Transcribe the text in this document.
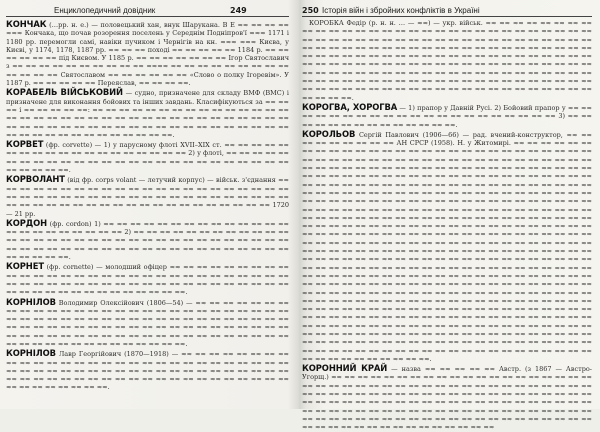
Енциклопедичний довідник	249

КОНЧАК (…рр. н. е.) — половецький хан, внук Шарукана. В Е ≈≈ ≈≈ ≈≈ ≈≈ ≈≈≈ Кончака, що почав розорення поселень у Середнім Подніпров'ї ≈≈≈ 1171 і 1180 рр. перемогли самі, навіки пучиком і Чернігів на кн. ≈≈≈ ≈≈≈ Києва, у Києві, у 1174, 1178, 1187 рр. ≈≈ ≈≈ ≈≈ поході ≈≈ ≈≈ ≈≈ ≈≈ ≈≈ 1184 р. ≈≈ ≈≈ ≈≈ ≈≈ ≈≈ ≈≈ під Києвом. У 1185 р. ≈≈ ≈≈ ≈≈ ≈≈ ≈≈ ≈≈ ≈≈ Ігор Святославич з ≈≈ ≈≈ ≈≈ ≈≈ ≈≈ ≈≈ ≈≈ ≈≈ ≈≈ ≈≈ ≈≈≈≈ ≈≈ ≈≈ ≈≈ ≈≈ ≈≈ ≈≈ ≈≈ ≈≈ ≈≈ ≈≈ ≈≈ ≈≈ ≈≈ Святославом ≈≈ ≈≈ ≈≈ ≈≈ ≈≈ ≈≈ «Слово о полку Ігоревім». У 1187 р. ≈≈ ≈≈ ≈≈ ≈≈ ≈≈ Переяслав, ≈≈ ≈≈ ≈≈ ≈≈.

КОРАБЕЛЬ ВІЙСЬКОВИЙ — судно, призначене для складу ВМФ (ВМС) і призначене для виконання бойових та інших завдань. Класифікуються за ≈≈ ≈≈ ≈≈ і ≈≈ ≈≈ ≈≈ ≈≈ ≈≈: ≈≈ ≈≈ ≈≈ ≈≈ ≈≈ ≈≈ ≈≈ ≈≈ ≈≈ ≈≈ ≈≈ ≈≈ ≈≈ ≈≈ ≈≈ ≈≈ ≈≈ ≈≈ ≈≈ ≈≈ ≈≈ ≈≈ ≈≈ ≈≈ ≈≈ ≈≈ ≈≈ ≈≈ ≈≈ ≈≈ ≈≈ ≈≈ ≈≈ ≈≈ ≈≈ ≈≈ ≈≈ ≈≈ ≈≈ ≈≈ ≈≈ ≈≈ ≈≈ ≈≈ ≈≈ ≈≈ ≈≈ ≈≈ ≈≈ ≈≈ ≈≈ ≈≈ ≈≈ ≈≈ ≈≈ ≈≈ ≈≈ ≈≈ ≈≈ ≈≈ ≈≈ ≈≈ ≈≈ ≈≈ ≈≈ ≈≈ ≈≈ ≈≈ ≈≈ ≈≈.

КОРВЕТ (фр. corvette) — 1) у парусному флоті XVII–XIX ст. ≈≈ ≈≈ ≈≈ ≈≈ ≈≈ ≈≈ ≈≈ ≈≈ ≈≈ ≈≈ ≈≈ ≈≈ ≈≈ ≈≈ ≈≈ ≈≈ ≈≈ ≈≈ ≈≈ 2) у флоті, ≈≈ ≈≈ ≈≈ ≈≈ ≈≈ ≈≈ ≈≈ ≈≈ ≈≈ ≈≈ ≈≈ ≈≈ ≈≈ ≈≈ ≈≈ ≈≈ ≈≈ ≈≈ ≈≈ ≈≈ ≈≈ ≈≈ ≈≈ ≈≈ ≈≈ ≈≈ ≈≈ ≈≈ ≈≈ ≈≈ ≈≈.

КОРВОЛАНТ (від фр. corps volant — летучий корпус) — військ. з'єднання ≈≈ ≈≈ ≈≈ ≈≈ ≈≈ ≈≈ ≈≈ ≈≈ ≈≈ ≈≈ ≈≈ ≈≈ ≈≈ ≈≈ ≈≈ ≈≈ ≈≈ ≈≈ ≈≈ ≈≈ ≈≈ ≈≈ ≈≈ ≈≈ ≈≈ ≈≈ ≈≈ ≈≈ ≈≈ ≈≈ ≈≈ ≈≈ ≈≈ ≈≈ ≈≈ ≈≈ ≈≈ ≈≈ ≈≈ ≈≈ ≈≈ ≈≈ ≈≈ ≈≈ ≈≈ ≈≈ ≈≈ ≈≈ ≈≈ ≈≈ ≈≈ ≈≈ ≈≈ ≈≈ ≈≈ ≈≈ ≈≈ ≈≈ ≈≈ ≈≈ ≈≈ ≈≈ ≈≈ 1720 — 21 рр.

КОРДОН (фр. cordon) 1) ≈≈ ≈≈ ≈≈ ≈≈ ≈≈ ≈≈ ≈≈ ≈≈ ≈≈ ≈≈ ≈≈ ≈≈ ≈≈ ≈≈ ≈≈ ≈≈ ≈≈ ≈≈ ≈≈ ≈≈ ≈≈ ≈≈ ≈≈ 2) ≈≈ ≈≈ ≈≈ ≈≈ ≈≈ ≈≈ ≈≈ ≈≈ ≈≈ ≈≈ ≈≈ ≈≈ ≈≈ ≈≈ ≈≈ ≈≈ ≈≈ ≈≈ ≈≈ ≈≈ ≈≈ ≈≈ ≈≈ ≈≈ ≈≈ ≈≈ ≈≈ ≈≈ ≈≈ ≈≈ ≈≈ ≈≈ ≈≈ ≈≈ ≈≈ ≈≈ ≈≈ ≈≈ ≈≈ ≈≈ ≈≈ ≈≈ ≈≈ ≈≈ ≈≈ ≈≈ ≈≈ ≈≈ ≈≈ ≈≈ ≈≈ ≈≈ ≈≈ ≈≈ ≈≈ ≈≈ ≈≈ ≈≈ ≈≈.

КОРНЕТ (фр. cornette) — молодший офіцер ≈≈ ≈≈ ≈≈ ≈≈ ≈≈ ≈≈ ≈≈ ≈≈ ≈≈ ≈≈ ≈≈ ≈≈ ≈≈ ≈≈ ≈≈ ≈≈ ≈≈ ≈≈ ≈≈ ≈≈ ≈≈ ≈≈ ≈≈ ≈≈ ≈≈ ≈≈ ≈≈ ≈≈ ≈≈ ≈≈ ≈≈ ≈≈ ≈≈ ≈≈ ≈≈ ≈≈ ≈≈ ≈≈ ≈≈ ≈≈ ≈≈ ≈≈ ≈≈ ≈≈ ≈≈ ≈≈ ≈≈ ≈≈ ≈≈ ≈≈ ≈≈ ≈≈ ≈≈ ≈≈ ≈≈ ≈≈ ≈≈ ≈≈ ≈≈ ≈≈ ≈≈ ≈≈ ≈≈ ≈≈ ≈≈.

КОРНІЛОВ Володимир Олексійович (1806—54) — ≈≈ ≈≈ ≈≈ ≈≈ ≈≈ ≈≈ ≈≈ ≈≈ ≈≈ ≈≈ ≈≈ ≈≈ ≈≈ ≈≈ ≈≈ ≈≈ ≈≈ ≈≈ ≈≈ ≈≈ ≈≈ ≈≈ ≈≈ ≈≈ ≈≈ ≈≈ ≈≈ ≈≈ ≈≈ ≈≈ ≈≈ ≈≈ ≈≈ ≈≈ ≈≈ ≈≈ ≈≈ ≈≈ ≈≈ ≈≈ ≈≈ ≈≈ ≈≈ ≈≈ ≈≈ ≈≈ ≈≈ ≈≈ ≈≈ ≈≈ ≈≈ ≈≈ ≈≈ ≈≈ ≈≈ ≈≈ ≈≈ ≈≈ ≈≈ ≈≈ ≈≈ ≈≈ ≈≈ ≈≈ ≈≈ ≈≈ ≈≈ ≈≈ ≈≈ ≈≈ ≈≈ ≈≈ ≈≈ ≈≈ ≈≈ ≈≈ ≈≈ ≈≈ ≈≈ ≈≈ ≈≈ ≈≈ ≈≈ ≈≈ ≈≈ ≈≈ ≈≈ ≈≈ ≈≈ ≈≈ ≈≈ ≈≈ ≈≈ ≈≈ ≈≈ ≈≈ ≈≈ ≈≈ ≈≈ ≈≈ ≈≈ ≈≈ ≈≈ ≈≈ ≈≈.

КОРНІЛОВ Лавр Георгійович (1870—1918) — ≈≈ ≈≈ ≈≈ ≈≈ ≈≈ ≈≈ ≈≈ ≈≈ ≈≈ ≈≈ ≈≈ ≈≈ ≈≈ ≈≈ ≈≈ ≈≈ ≈≈ ≈≈ ≈≈ ≈≈ ≈≈ ≈≈ ≈≈ ≈≈ ≈≈ ≈≈ ≈≈ ≈≈ ≈≈ ≈≈ ≈≈ ≈≈ ≈≈ ≈≈ ≈≈ ≈≈ ≈≈ ≈≈ ≈≈ ≈≈ ≈≈ ≈≈ ≈≈ ≈≈ ≈≈ ≈≈ ≈≈ ≈≈ ≈≈ ≈≈ ≈≈ ≈≈ ≈≈ ≈≈ ≈≈ ≈≈ ≈≈ ≈≈ ≈≈ ≈≈ ≈≈ ≈≈ ≈≈ ≈≈ ≈≈ ≈≈ ≈≈ ≈≈ ≈≈ ≈≈ ≈≈ ≈≈ ≈≈ ≈≈ ≈≈ ≈≈ ≈≈ ≈≈ ≈≈.

250 Історія війн і збройних конфліктів в Україні

КОРОБКА Федір (р. н. н. … — ≈≈) — укр. військ. ≈≈ ≈≈ ≈≈ ≈≈ ≈≈ ≈≈ ≈≈ ≈≈ ≈≈ ≈≈ ≈≈ ≈≈ ≈≈ ≈≈ ≈≈ ≈≈ ≈≈ ≈≈ ≈≈ ≈≈ ≈≈ ≈≈ ≈≈ ≈≈ ≈≈ ≈≈ ≈≈ ≈≈ ≈≈ ≈≈ ≈≈ ≈≈ ≈≈ ≈≈ ≈≈ ≈≈ ≈≈ ≈≈ ≈≈ ≈≈ ≈≈ ≈≈ ≈≈ ≈≈ ≈≈ ≈≈ ≈≈ ≈≈ ≈≈ ≈≈ ≈≈ ≈≈ ≈≈ ≈≈ ≈≈ ≈≈ ≈≈ ≈≈ ≈≈ ≈≈ ≈≈ ≈≈ ≈≈ ≈≈ ≈≈ ≈≈ ≈≈ ≈≈ ≈≈ ≈≈ ≈≈ ≈≈ ≈≈ ≈≈ ≈≈ ≈≈ ≈≈ ≈≈ ≈≈ ≈≈ ≈≈ ≈≈ ≈≈ ≈≈ ≈≈ ≈≈ ≈≈ ≈≈ ≈≈ ≈≈ ≈≈ ≈≈ ≈≈ ≈≈ ≈≈ ≈≈ ≈≈ ≈≈ ≈≈ ≈≈ ≈≈ ≈≈ ≈≈ ≈≈ ≈≈ ≈≈ ≈≈ ≈≈ ≈≈ ≈≈ ≈≈ ≈≈ ≈≈ ≈≈ ≈≈ ≈≈ ≈≈ ≈≈ ≈≈ ≈≈ ≈≈ ≈≈ ≈≈ ≈≈ ≈≈ ≈≈ ≈≈ ≈≈ ≈≈ ≈≈ ≈≈ ≈≈ ≈≈ ≈≈ ≈≈ ≈≈ ≈≈ ≈≈ ≈≈ ≈≈ ≈≈ ≈≈ ≈≈ ≈≈ ≈≈ ≈≈ ≈≈ ≈≈ ≈≈ ≈≈ ≈≈ ≈≈ ≈≈ ≈≈ ≈≈ ≈≈ ≈≈ ≈≈ ≈≈ ≈≈ ≈≈ ≈≈ ≈≈ ≈≈ ≈≈ ≈≈ ≈≈ ≈≈ ≈≈ ≈≈ ≈≈ ≈≈ ≈≈ ≈≈ ≈≈ ≈≈ ≈≈ ≈≈ ≈≈ ≈≈ ≈≈ ≈≈ ≈≈ ≈≈ ≈≈ ≈≈ ≈≈ ≈≈.

КОРОГВА, ХОРОГВА — 1) прапор у Давній Русі. 2) Бойовий прапор у ≈≈ ≈≈ ≈≈ ≈≈ ≈≈ ≈≈ ≈≈ ≈≈ ≈≈ ≈≈ ≈≈ ≈≈ ≈≈ ≈≈ ≈≈ ≈≈ ≈≈ ≈≈ ≈≈ ≈≈ ≈≈ 3) ≈≈ ≈≈ ≈≈ ≈≈ ≈≈ ≈≈ ≈≈ ≈≈ ≈≈ ≈≈ ≈≈ ≈≈ ≈≈ ≈≈.

КОРОЛЬОВ Сергій Павлович (1906—66) — рад. вчений-конструктор, ≈≈ ≈≈ ≈≈ ≈≈ ≈≈ ≈≈ ≈≈ ≈≈ ≈≈ АН СРСР (1958). Н. у Житомирі. ≈≈ ≈≈ ≈≈ ≈≈ ≈≈ ≈≈ ≈≈ ≈≈ ≈≈ ≈≈ ≈≈ ≈≈ ≈≈ ≈≈ ≈≈ ≈≈ ≈≈ ≈≈ ≈≈ ≈≈ ≈≈ ≈≈ ≈≈ ≈≈ ≈≈ ≈≈ ≈≈ ≈≈ ≈≈ ≈≈ ≈≈ ≈≈ ≈≈ ≈≈ ≈≈ ≈≈ ≈≈ ≈≈ ≈≈ ≈≈ ≈≈ ≈≈ ≈≈ ≈≈ ≈≈ ≈≈ ≈≈ ≈≈ ≈≈ ≈≈ ≈≈ ≈≈ ≈≈ ≈≈ ≈≈ ≈≈ ≈≈ ≈≈ ≈≈ ≈≈ ≈≈ ≈≈ ≈≈ ≈≈ ≈≈ ≈≈ ≈≈ ≈≈ ≈≈ ≈≈ ≈≈ ≈≈ ≈≈ ≈≈ ≈≈ ≈≈ ≈≈ ≈≈ ≈≈ ≈≈ ≈≈ ≈≈ ≈≈ ≈≈ ≈≈ ≈≈ ≈≈ ≈≈ ≈≈ ≈≈ ≈≈ ≈≈ ≈≈ ≈≈ ≈≈ ≈≈ ≈≈ ≈≈ ≈≈ ≈≈ ≈≈ ≈≈ ≈≈ ≈≈ ≈≈ ≈≈ ≈≈ ≈≈ ≈≈ ≈≈ ≈≈ ≈≈ ≈≈ ≈≈ ≈≈ ≈≈ ≈≈ ≈≈ ≈≈ ≈≈ ≈≈ ≈≈ ≈≈ ≈≈ ≈≈ ≈≈ ≈≈ ≈≈ ≈≈ ≈≈ ≈≈ ≈≈ ≈≈ ≈≈ ≈≈ ≈≈ ≈≈ ≈≈ ≈≈ ≈≈ ≈≈ ≈≈ ≈≈ ≈≈ ≈≈ ≈≈ ≈≈ ≈≈ ≈≈ ≈≈ ≈≈ ≈≈ ≈≈ ≈≈ ≈≈ ≈≈ ≈≈ ≈≈ ≈≈ ≈≈ ≈≈ ≈≈ ≈≈ ≈≈ ≈≈ ≈≈ ≈≈ ≈≈ ≈≈ ≈≈ ≈≈ ≈≈ ≈≈ ≈≈ ≈≈ ≈≈ ≈≈ ≈≈ ≈≈ ≈≈ ≈≈ ≈≈ ≈≈ ≈≈ ≈≈ ≈≈ ≈≈ ≈≈ ≈≈ ≈≈ ≈≈ ≈≈ ≈≈ ≈≈ ≈≈ ≈≈ ≈≈ ≈≈ ≈≈ ≈≈ ≈≈ ≈≈ ≈≈ ≈≈ ≈≈ ≈≈ ≈≈ ≈≈ ≈≈ ≈≈ ≈≈ ≈≈ ≈≈ ≈≈ ≈≈ ≈≈ ≈≈ ≈≈ ≈≈ ≈≈ ≈≈ ≈≈ ≈≈ ≈≈ ≈≈ ≈≈ ≈≈ ≈≈ ≈≈ ≈≈ ≈≈ ≈≈ ≈≈ ≈≈ ≈≈ ≈≈ ≈≈ ≈≈ ≈≈ ≈≈ ≈≈ ≈≈ ≈≈ ≈≈ ≈≈ ≈≈ ≈≈ ≈≈ ≈≈ ≈≈ ≈≈ ≈≈ ≈≈ ≈≈ ≈≈ ≈≈ ≈≈ ≈≈ ≈≈ ≈≈ ≈≈ ≈≈ ≈≈ ≈≈ ≈≈ ≈≈ ≈≈ ≈≈ ≈≈ ≈≈ ≈≈ ≈≈ ≈≈ ≈≈ ≈≈ ≈≈ ≈≈ ≈≈ ≈≈ ≈≈ ≈≈ ≈≈ ≈≈ ≈≈ ≈≈ ≈≈ ≈≈ ≈≈ ≈≈ ≈≈ ≈≈ ≈≈ ≈≈ ≈≈ ≈≈ ≈≈ ≈≈ ≈≈ ≈≈ ≈≈ ≈≈ ≈≈ ≈≈ ≈≈ ≈≈ ≈≈ ≈≈ ≈≈ ≈≈ ≈≈ ≈≈ ≈≈ ≈≈ ≈≈ ≈≈ ≈≈ ≈≈ ≈≈ ≈≈ ≈≈ ≈≈ ≈≈ ≈≈ ≈≈ ≈≈ ≈≈ ≈≈ ≈≈ ≈≈ ≈≈ ≈≈ ≈≈ ≈≈ ≈≈ ≈≈ ≈≈ ≈≈ ≈≈ ≈≈ ≈≈ ≈≈ ≈≈ ≈≈ ≈≈ ≈≈ ≈≈ ≈≈ ≈≈ ≈≈ ≈≈ ≈≈ ≈≈ ≈≈ ≈≈ ≈≈ ≈≈ ≈≈ ≈≈ ≈≈ ≈≈ ≈≈ ≈≈ ≈≈ ≈≈ ≈≈ ≈≈ ≈≈ ≈≈ ≈≈ ≈≈ ≈≈ ≈≈ ≈≈ ≈≈ ≈≈ ≈≈ ≈≈ ≈≈ ≈≈ ≈≈ ≈≈ ≈≈ ≈≈ ≈≈ ≈≈ ≈≈ ≈≈ ≈≈ ≈≈ ≈≈ ≈≈ ≈≈ ≈≈ ≈≈ ≈≈ ≈≈ ≈≈ ≈≈ ≈≈ ≈≈ ≈≈ ≈≈ ≈≈ ≈≈ ≈≈ ≈≈ ≈≈ ≈≈ ≈≈ ≈≈ ≈≈ ≈≈ ≈≈ ≈≈ ≈≈ ≈≈ ≈≈ ≈≈ ≈≈ ≈≈ ≈≈ ≈≈ ≈≈ ≈≈ ≈≈ ≈≈ ≈≈ ≈≈ ≈≈ ≈≈ ≈≈ ≈≈ ≈≈ ≈≈ ≈≈ ≈≈ ≈≈ ≈≈ ≈≈ ≈≈ ≈≈ ≈≈ ≈≈ ≈≈ ≈≈ ≈≈ ≈≈ ≈≈ ≈≈ ≈≈ ≈≈ ≈≈ ≈≈ ≈≈ ≈≈ ≈≈ ≈≈ ≈≈ ≈≈ ≈≈ ≈≈ ≈≈ ≈≈ ≈≈ ≈≈ ≈≈ ≈≈ ≈≈ ≈≈ ≈≈ ≈≈ ≈≈ ≈≈ ≈≈ ≈≈ ≈≈ ≈≈ ≈≈ ≈≈ ≈≈ ≈≈ ≈≈ ≈≈ ≈≈ ≈≈ ≈≈ ≈≈ ≈≈ ≈≈ ≈≈ ≈≈ ≈≈ ≈≈ ≈≈ ≈≈ ≈≈ ≈≈ ≈≈ ≈≈ ≈≈ ≈≈ ≈≈ ≈≈ ≈≈ ≈≈ ≈≈ ≈≈ ≈≈ ≈≈ ≈≈ ≈≈ ≈≈ ≈≈ ≈≈ ≈≈ ≈≈ ≈≈ ≈≈ ≈≈ ≈≈ ≈≈ ≈≈ ≈≈ ≈≈ ≈≈ ≈≈ ≈≈ ≈≈ ≈≈ ≈≈ ≈≈ ≈≈ ≈≈ ≈≈ ≈≈ ≈≈ ≈≈ ≈≈ ≈≈ ≈≈ ≈≈ ≈≈ ≈≈ ≈≈ ≈≈ ≈≈ ≈≈ ≈≈ ≈≈ ≈≈ ≈≈ ≈≈ ≈≈ ≈≈ ≈≈ ≈≈ ≈≈ ≈≈ ≈≈ ≈≈ ≈≈ ≈≈ ≈≈ ≈≈ ≈≈ ≈≈.

КОРОННИЙ КРАЙ — назва ≈≈ ≈≈ ≈≈ ≈≈ ≈≈ Австр. (з 1867 — Австро- Угорщ.) ≈≈ ≈≈ ≈≈ ≈≈ ≈≈ ≈≈ ≈≈ ≈≈ ≈≈ ≈≈ ≈≈ ≈≈ ≈≈ ≈≈ ≈≈ ≈≈ ≈≈ ≈≈ ≈≈ ≈≈ ≈≈ ≈≈ ≈≈ ≈≈ ≈≈ ≈≈ ≈≈ ≈≈ ≈≈ ≈≈ ≈≈ ≈≈ ≈≈ ≈≈ ≈≈ ≈≈ ≈≈ ≈≈ ≈≈ ≈≈ ≈≈ ≈≈ ≈≈ ≈≈ ≈≈ ≈≈ ≈≈ ≈≈ ≈≈ ≈≈ ≈≈ ≈≈ ≈≈ ≈≈ ≈≈ ≈≈ ≈≈ ≈≈ ≈≈ ≈≈ ≈≈ ≈≈ ≈≈ ≈≈ ≈≈ ≈≈ ≈≈ ≈≈ ≈≈ ≈≈ ≈≈ ≈≈ ≈≈ ≈≈ ≈≈ ≈≈ ≈≈ ≈≈ ≈≈ ≈≈ ≈≈ ≈≈ ≈≈ ≈≈ ≈≈ ≈≈ ≈≈ ≈≈ ≈≈ ≈≈ ≈≈ ≈≈ ≈≈ ≈≈ ≈≈ ≈≈ ≈≈ ≈≈ ≈≈ ≈≈ ≈≈ ≈≈ ≈≈ ≈≈ ≈≈ ≈≈ ≈≈ ≈≈ ≈≈ ≈≈ ≈≈ ≈≈ ≈≈ ≈≈ ≈≈ ≈≈ ≈≈ ≈≈ ≈≈ ≈≈ ≈≈ ≈≈ ≈≈ ≈≈ ≈≈ ≈≈ ≈≈ ≈≈ ≈≈ ≈≈ ≈≈ ≈≈ ≈≈ ≈≈ ≈≈ ≈≈ ≈≈ ≈≈ ≈≈ ≈≈ ≈≈ ≈≈ ≈≈ ≈≈ ≈≈
